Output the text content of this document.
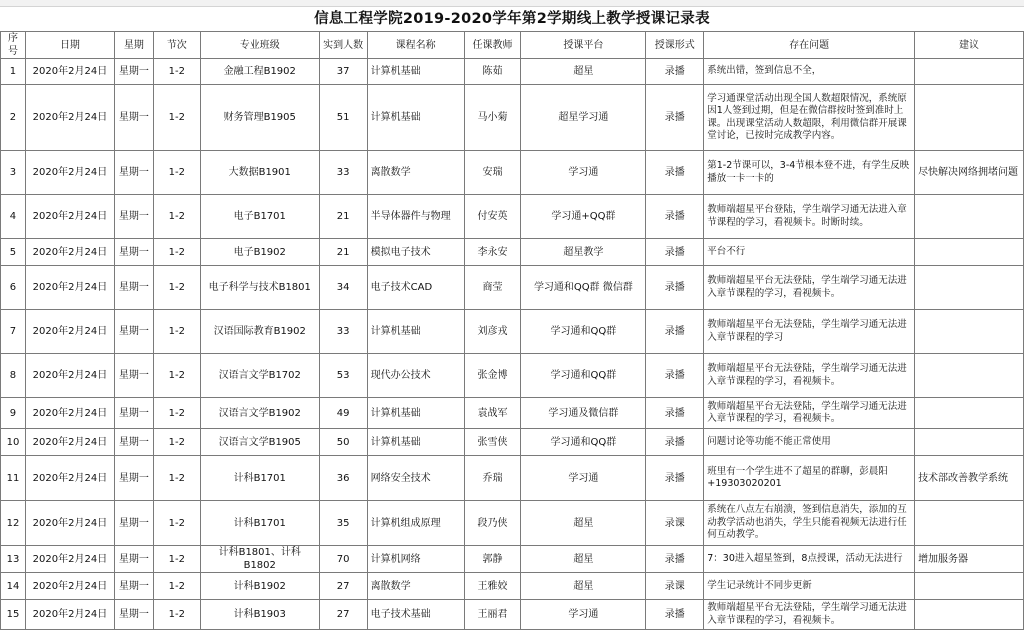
信息工程学院2019-2020学年第2学期线上教学授课记录表
序号	日期	星期	节次	专业班级	实到人数	课程名称	任课教师	授课平台	授课形式	存在问题	建议
1	2020年2月24日	星期一	1-2	金融工程B1902	37	计算机基础	陈茹	超星	录播	系统出错，签到信息不全，	
2	2020年2月24日	星期一	1-2	财务管理B1905	51	计算机基础	马小菊	超星学习通	录播	学习通课堂活动出现全国人数超限情况，系统原因1人签到过期，但是在微信群按时签到准时上课。出现课堂活动人数超限，利用微信群开展课堂讨论，已按时完成教学内容。	
3	2020年2月24日	星期一	1-2	大数据B1901	33	离散数学	安瑞	学习通	录播	第1-2节课可以，3-4节根本登不进，有学生反映播放一卡一卡的	尽快解决网络拥堵问题
4	2020年2月24日	星期一	1-2	电子B1701	21	半导体器件与物理	付安英	学习通+QQ群	录播	教师端超星平台登陆，学生端学习通无法进入章节课程的学习，看视频卡。时断时续。	
5	2020年2月24日	星期一	1-2	电子B1902	21	模拟电子技术	李永安	超星教学	录播	平台不行	
6	2020年2月24日	星期一	1-2	电子科学与技术B1801	34	电子技术CAD	商莹	学习通和QQ群 微信群	录播	教师端超星平台无法登陆，学生端学习通无法进入章节课程的学习，看视频卡。	
7	2020年2月24日	星期一	1-2	汉语国际教育B1902	33	计算机基础	刘彦戎	学习通和QQ群	录播	教师端超星平台无法登陆，学生端学习通无法进入章节课程的学习	
8	2020年2月24日	星期一	1-2	汉语言文学B1702	53	现代办公技术	张金博	学习通和QQ群	录播	教师端超星平台无法登陆，学生端学习通无法进入章节课程的学习，看视频卡。	
9	2020年2月24日	星期一	1-2	汉语言文学B1902	49	计算机基础	袁战军	学习通及微信群	录播	教师端超星平台无法登陆，学生端学习通无法进入章节课程的学习，看视频卡。	
10	2020年2月24日	星期一	1-2	汉语言文学B1905	50	计算机基础	张雪侠	学习通和QQ群	录播	问题讨论等功能不能正常使用	
11	2020年2月24日	星期一	1-2	计科B1701	36	网络安全技术	乔瑞	学习通	录播	班里有一个学生进不了超星的群聊，彭晨阳+19303020201	技术部改善教学系统
12	2020年2月24日	星期一	1-2	计科B1701	35	计算机组成原理	段乃侠	超星	录课	系统在八点左右崩溃，签到信息消失，添加的互动教学活动也消失，学生只能看视频无法进行任何互动教学。	
13	2020年2月24日	星期一	1-2	计科B1801、计科B1802	70	计算机网络	郭静	超星	录播	7：30进入超星签到，8点授课，活动无法进行	增加服务器
14	2020年2月24日	星期一	1-2	计科B1902	27	离散数学	王雅姣	超星	录课	学生记录统计不同步更新	
15	2020年2月24日	星期一	1-2	计科B1903	27	电子技术基础	王丽君	学习通	录播	教师端超星平台无法登陆，学生端学习通无法进入章节课程的学习，看视频卡。	
